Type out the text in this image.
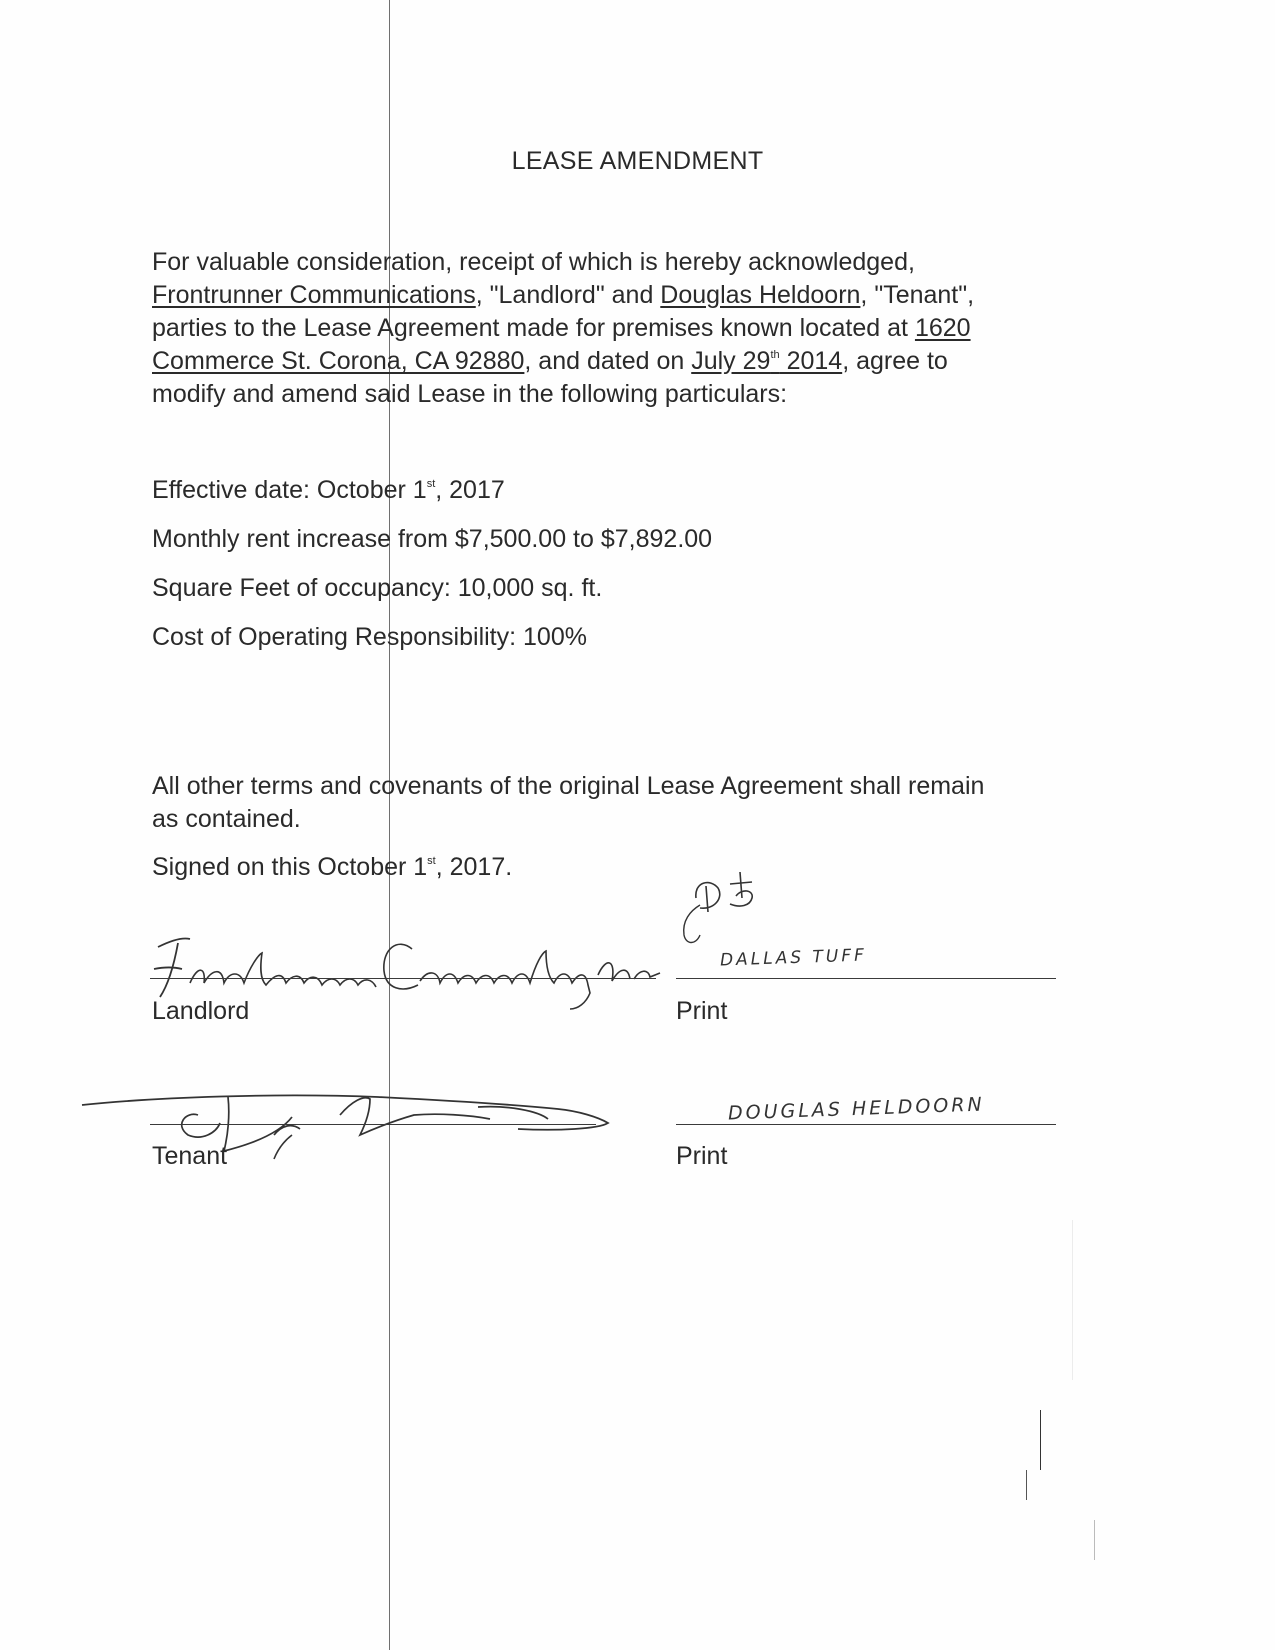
LEASE AMENDMENT

For valuable consideration, receipt of which is hereby acknowledged,
Frontrunner Communications, "Landlord" and Douglas Heldoorn, "Tenant",
parties to the Lease Agreement made for premises known located at 1620
Commerce St. Corona, CA 92880, and dated on July 29th 2014, agree to
modify and amend said Lease in the following particulars:

Effective date: October 1st, 2017

Monthly rent increase from $7,500.00 to $7,892.00

Square Feet of occupancy: 10,000 sq. ft.

Cost of Operating Responsibility: 100%

All other terms and covenants of the original Lease Agreement shall remain
as contained.

Signed on this October 1st, 2017.
DALLAS TUFF
Landlord	Print
DOUGLAS HELDOORN
Tenant	Print
